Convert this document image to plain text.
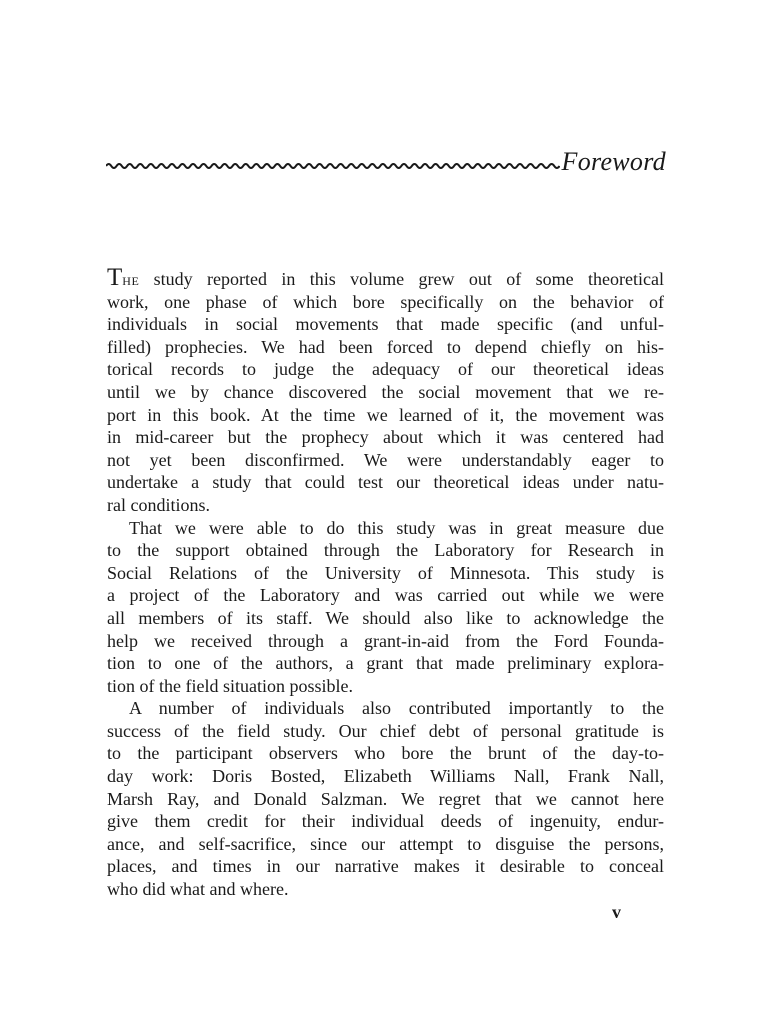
Foreword
The study reported in this volume grew out of some theoretical
work, one phase of which bore specifically on the behavior of
individuals in social movements that made specific (and unful-
filled) prophecies. We had been forced to depend chiefly on his-
torical records to judge the adequacy of our theoretical ideas
until we by chance discovered the social movement that we re-
port in this book. At the time we learned of it, the movement was
in mid-career but the prophecy about which it was centered had
not yet been disconfirmed. We were understandably eager to
undertake a study that could test our theoretical ideas under natu-
ral conditions.
That we were able to do this study was in great measure due
to the support obtained through the Laboratory for Research in
Social Relations of the University of Minnesota. This study is
a project of the Laboratory and was carried out while we were
all members of its staff. We should also like to acknowledge the
help we received through a grant-in-aid from the Ford Founda-
tion to one of the authors, a grant that made preliminary explora-
tion of the field situation possible.
A number of individuals also contributed importantly to the
success of the field study. Our chief debt of personal gratitude is
to the participant observers who bore the brunt of the day-to-
day work: Doris Bosted, Elizabeth Williams Nall, Frank Nall,
Marsh Ray, and Donald Salzman. We regret that we cannot here
give them credit for their individual deeds of ingenuity, endur-
ance, and self-sacrifice, since our attempt to disguise the persons,
places, and times in our narrative makes it desirable to conceal
who did what and where.
v
